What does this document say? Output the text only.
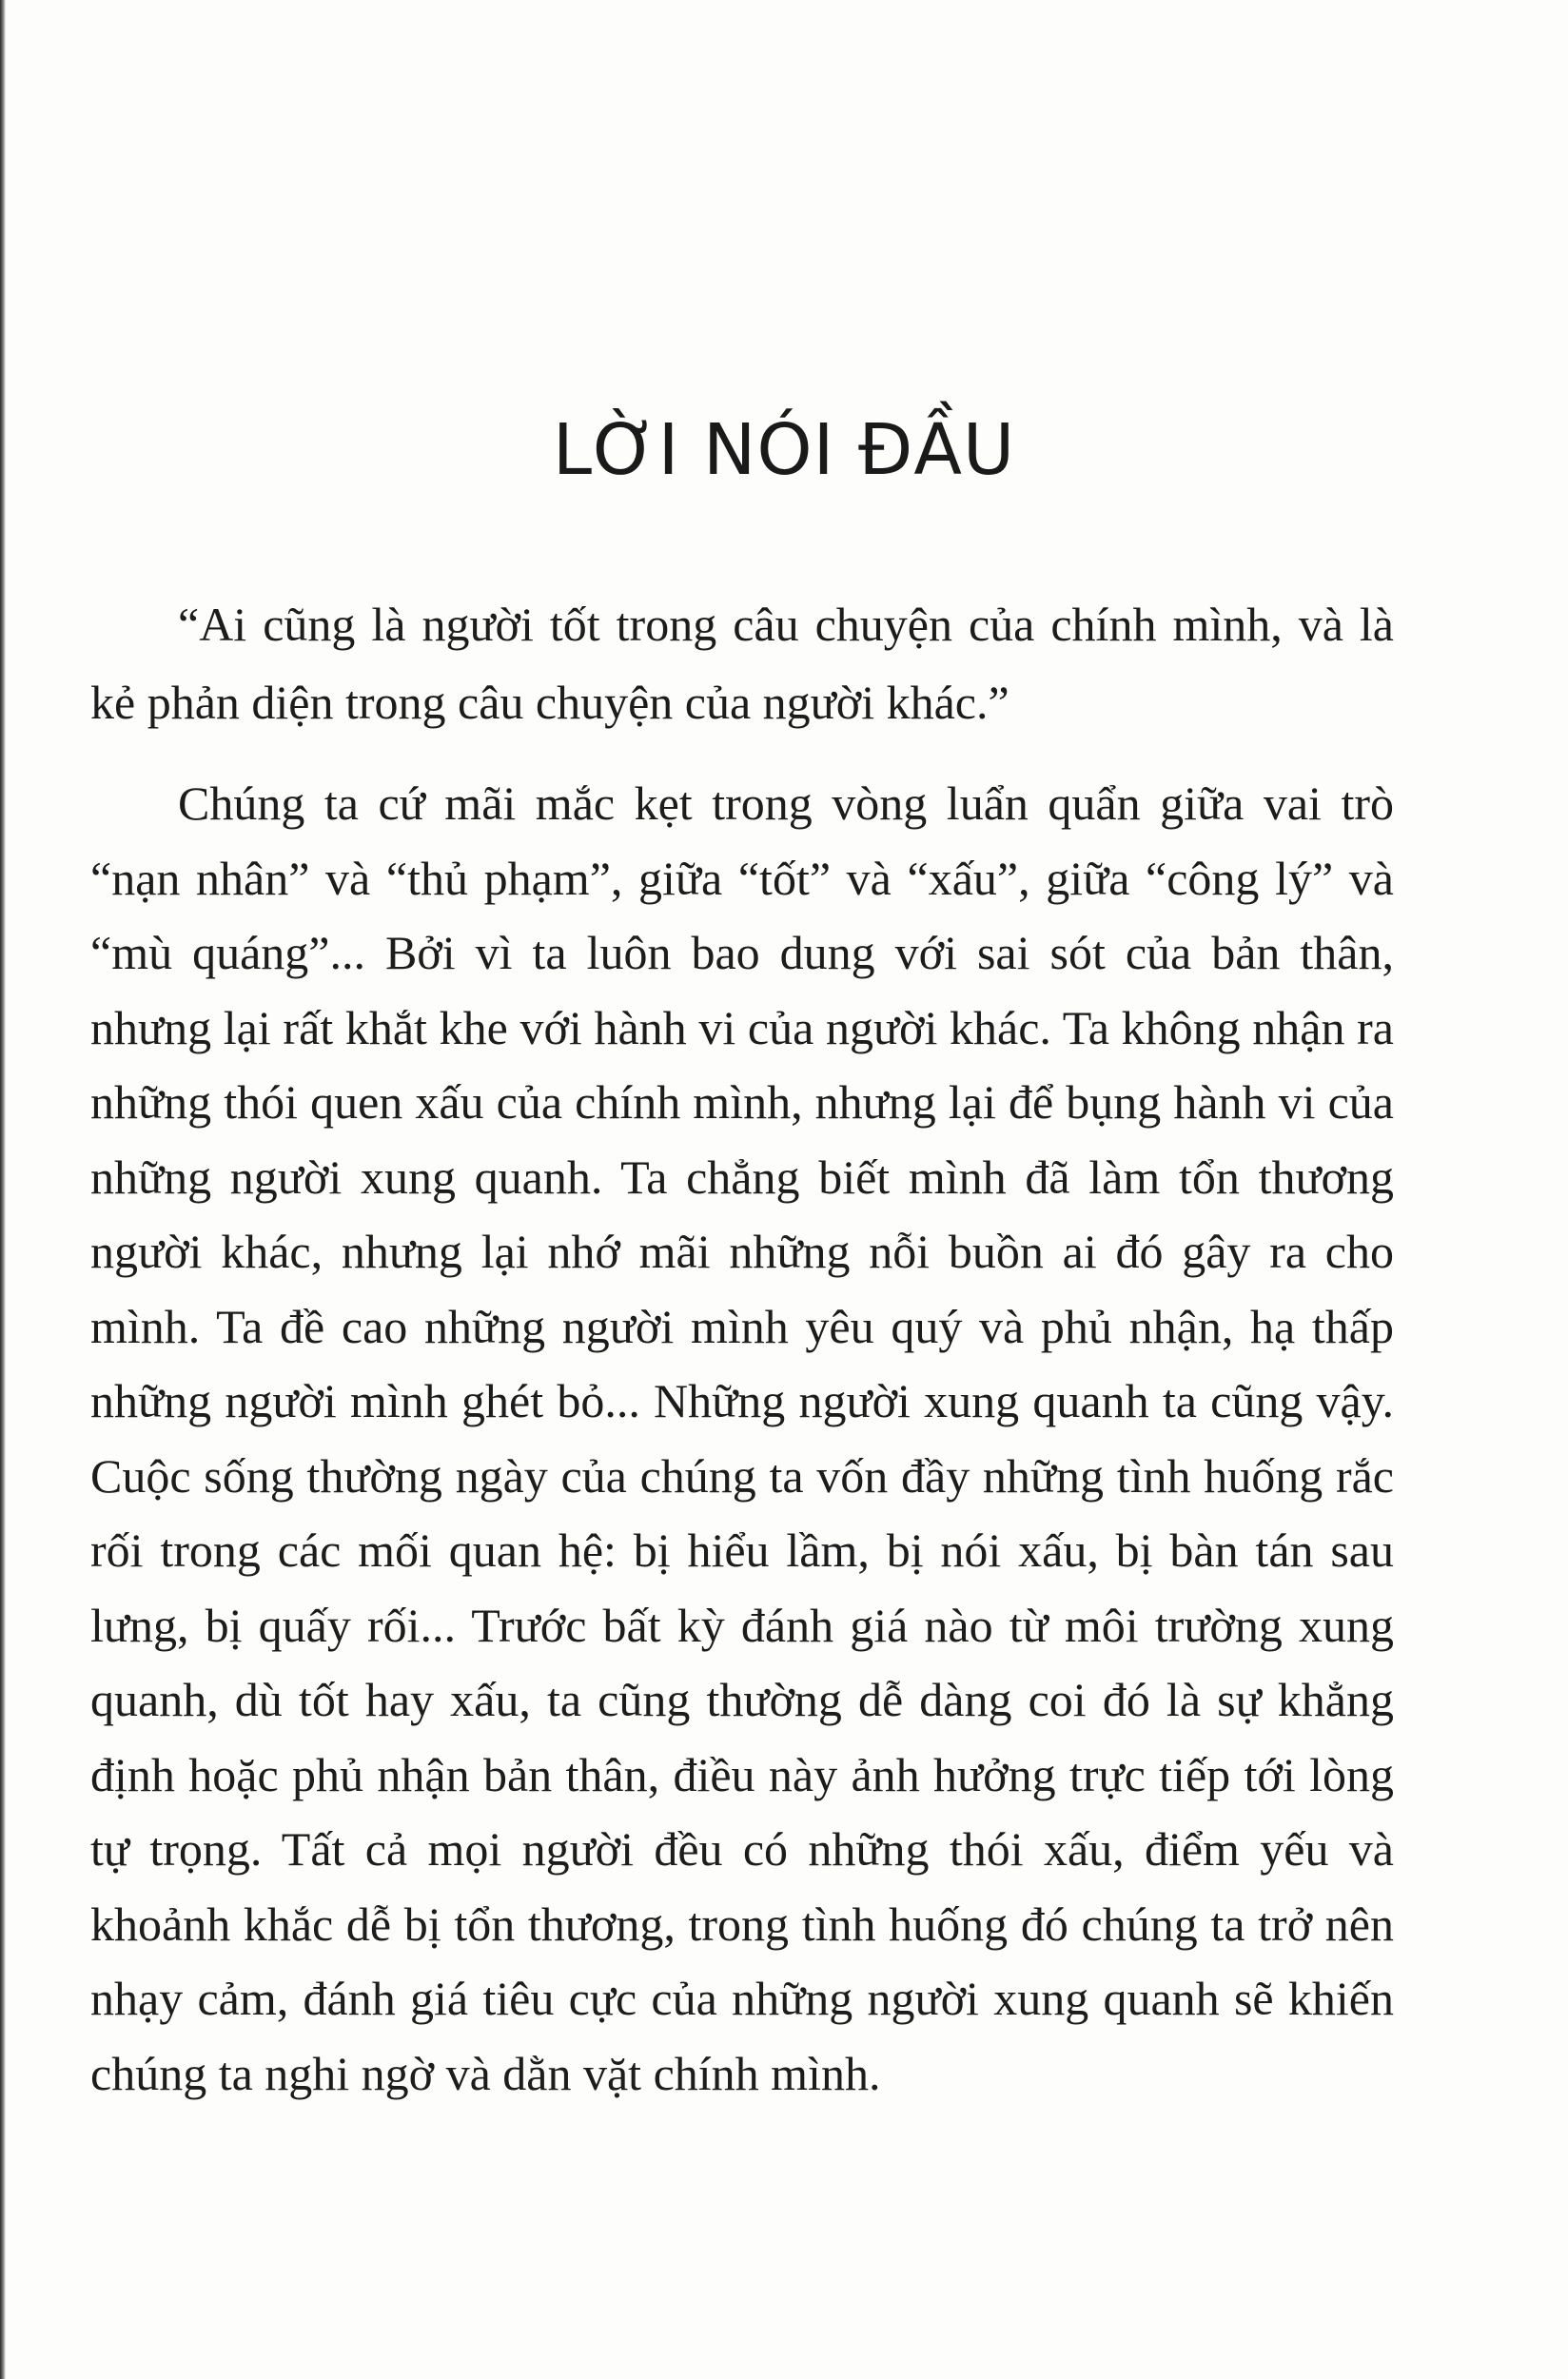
LỜI NÓI ĐẦU

“Ai cũng là người tốt trong câu chuyện của chính mình, và là kẻ phản diện trong câu chuyện của người khác.”

Chúng ta cứ mãi mắc kẹt trong vòng luẩn quẩn giữa vai trò “nạn nhân” và “thủ phạm”, giữa “tốt” và “xấu”, giữa “công lý” và “mù quáng”... Bởi vì ta luôn bao dung với sai sót của bản thân, nhưng lại rất khắt khe với hành vi của người khác. Ta không nhận ra những thói quen xấu của chính mình, nhưng lại để bụng hành vi của những người xung quanh. Ta chẳng biết mình đã làm tổn thương người khác, nhưng lại nhớ mãi những nỗi buồn ai đó gây ra cho mình. Ta đề cao những người mình yêu quý và phủ nhận, hạ thấp những người mình ghét bỏ... Những người xung quanh ta cũng vậy. Cuộc sống thường ngày của chúng ta vốn đầy những tình huống rắc rối trong các mối quan hệ: bị hiểu lầm, bị nói xấu, bị bàn tán sau lưng, bị quấy rối... Trước bất kỳ đánh giá nào từ môi trường xung quanh, dù tốt hay xấu, ta cũng thường dễ dàng coi đó là sự khẳng định hoặc phủ nhận bản thân, điều này ảnh hưởng trực tiếp tới lòng tự trọng. Tất cả mọi người đều có những thói xấu, điểm yếu và khoảnh khắc dễ bị tổn thương, trong tình huống đó chúng ta trở nên nhạy cảm, đánh giá tiêu cực của những người xung quanh sẽ khiến chúng ta nghi ngờ và dằn vặt chính mình.
